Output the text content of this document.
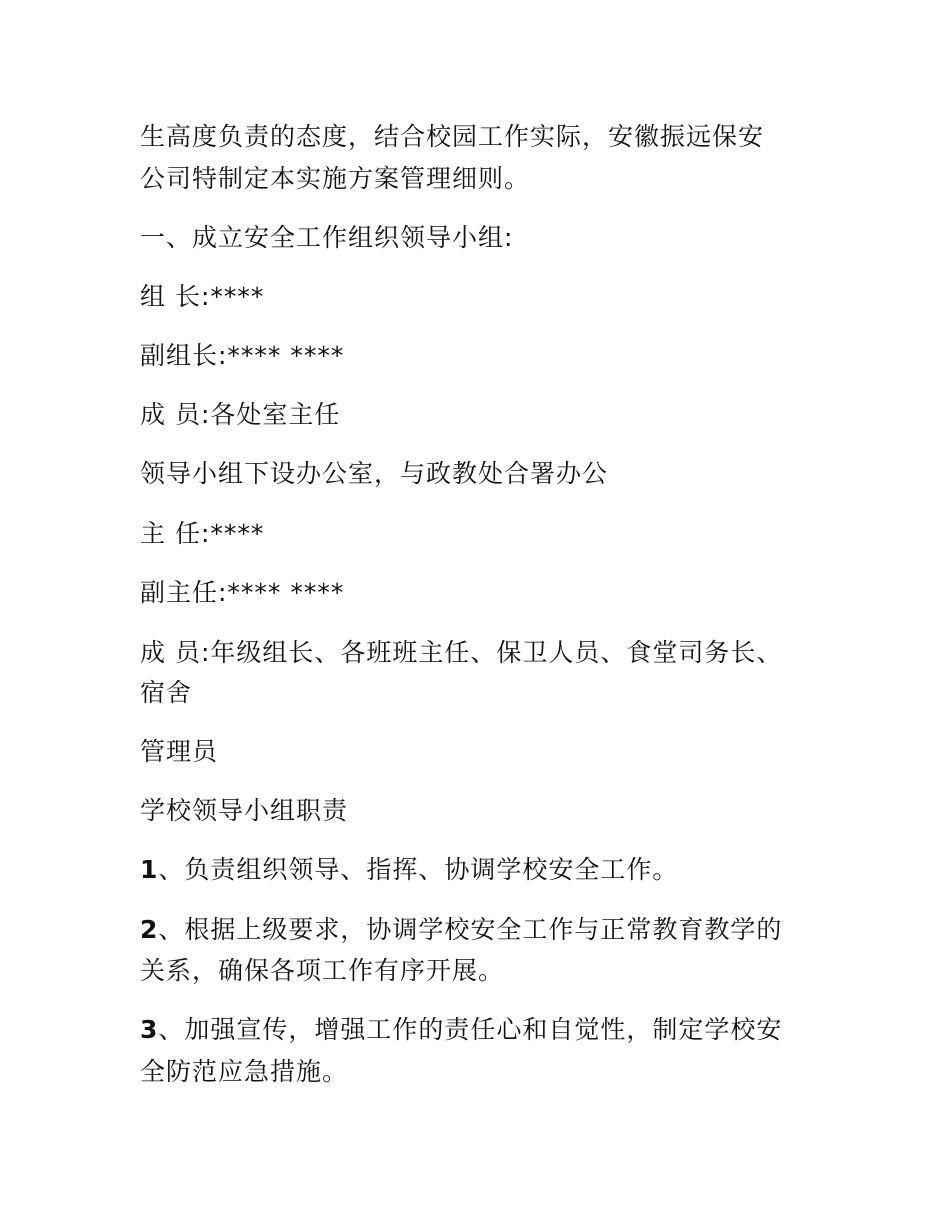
生高度负责的态度，结合校园工作实际，安徽振远保安
公司特制定本实施方案管理细则。
一、成立安全工作组织领导小组:
组 长:****
副组长:**** ****
成 员:各处室主任
领导小组下设办公室，与政教处合署办公
主 任:****
副主任:**** ****
成 员:年级组长、各班班主任、保卫人员、食堂司务长、
宿舍
管理员
学校领导小组职责
1、负责组织领导、指挥、协调学校安全工作。
2、根据上级要求，协调学校安全工作与正常教育教学的
关系，确保各项工作有序开展。
3、加强宣传，增强工作的责任心和自觉性，制定学校安
全防范应急措施。
